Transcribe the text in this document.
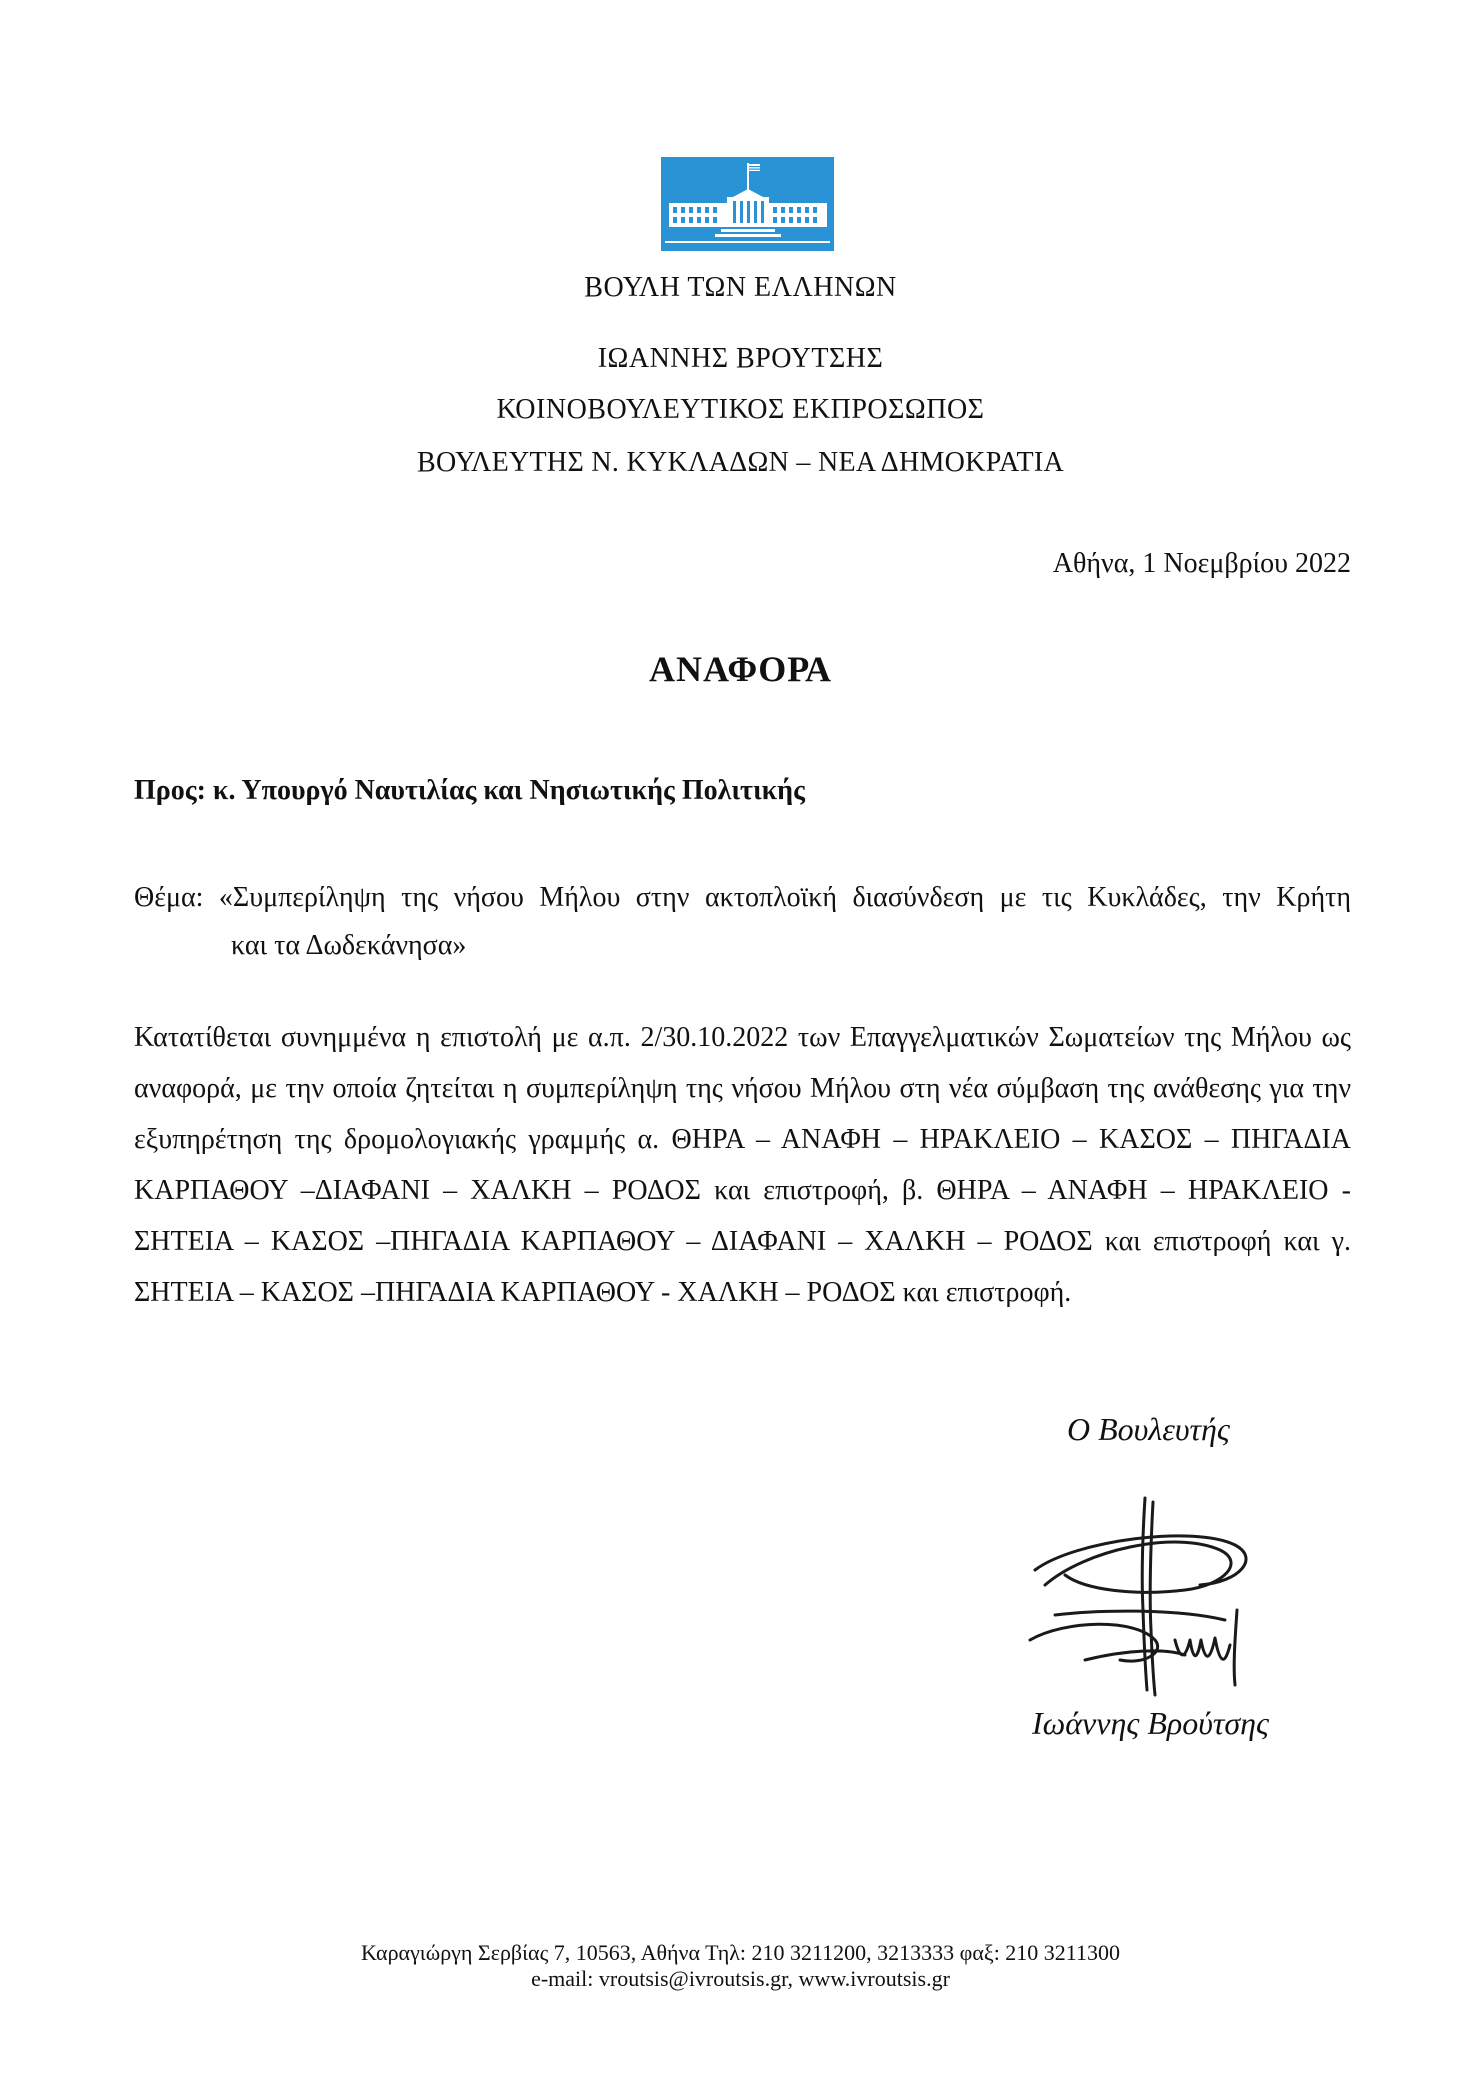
ΒΟΥΛΗ ΤΩΝ ΕΛΛΗΝΩΝ
ΙΩΑΝΝΗΣ ΒΡΟΥΤΣΗΣ
ΚΟΙΝΟΒΟΥΛΕΥΤΙΚΟΣ ΕΚΠΡΟΣΩΠΟΣ
ΒΟΥΛΕΥΤΗΣ Ν. ΚΥΚΛΑΔΩΝ – ΝΕΑ ΔΗΜΟΚΡΑΤΙΑ
Αθήνα, 1 Νοεμβρίου 2022
ΑΝΑΦΟΡΑ
Προς: κ. Υπουργό Ναυτιλίας και Νησιωτικής Πολιτικής
Θέμα: «Συμπερίληψη της νήσου Μήλου στην ακτοπλοϊκή διασύνδεση με τις Κυκλάδες, την Κρήτη
και τα Δωδεκάνησα»
Κατατίθεται συνημμένα η επιστολή με α.π. 2/30.10.2022 των Επαγγελματικών Σωματείων της Μήλου ως αναφορά, με την οποία ζητείται η συμπερίληψη της νήσου Μήλου στη νέα σύμβαση της ανάθεσης για την εξυπηρέτηση της δρομολογιακής γραμμής α. ΘΗΡΑ – ΑΝΑΦΗ – ΗΡΑΚΛΕΙΟ – ΚΑΣΟΣ – ΠΗΓΑΔΙΑ ΚΑΡΠΑΘΟΥ –ΔΙΑΦΑΝΙ – ΧΑΛΚΗ – ΡΟΔΟΣ και επιστροφή, β. ΘΗΡΑ – ΑΝΑΦΗ – ΗΡΑΚΛΕΙΟ - ΣΗΤΕΙΑ – ΚΑΣΟΣ –ΠΗΓΑΔΙΑ ΚΑΡΠΑΘΟΥ – ΔΙΑΦΑΝΙ – ΧΑΛΚΗ – ΡΟΔΟΣ και επιστροφή και γ. ΣΗΤΕΙΑ – ΚΑΣΟΣ –ΠΗΓΑΔΙΑ ΚΑΡΠΑΘΟΥ - ΧΑΛΚΗ – ΡΟΔΟΣ και επιστροφή.
Ο Βουλευτής
Ιωάννης Βρούτσης
Καραγιώργη Σερβίας 7, 10563, Αθήνα Τηλ: 210 3211200, 3213333 φαξ: 210 3211300
e-mail: vroutsis@ivroutsis.gr, www.ivroutsis.gr
